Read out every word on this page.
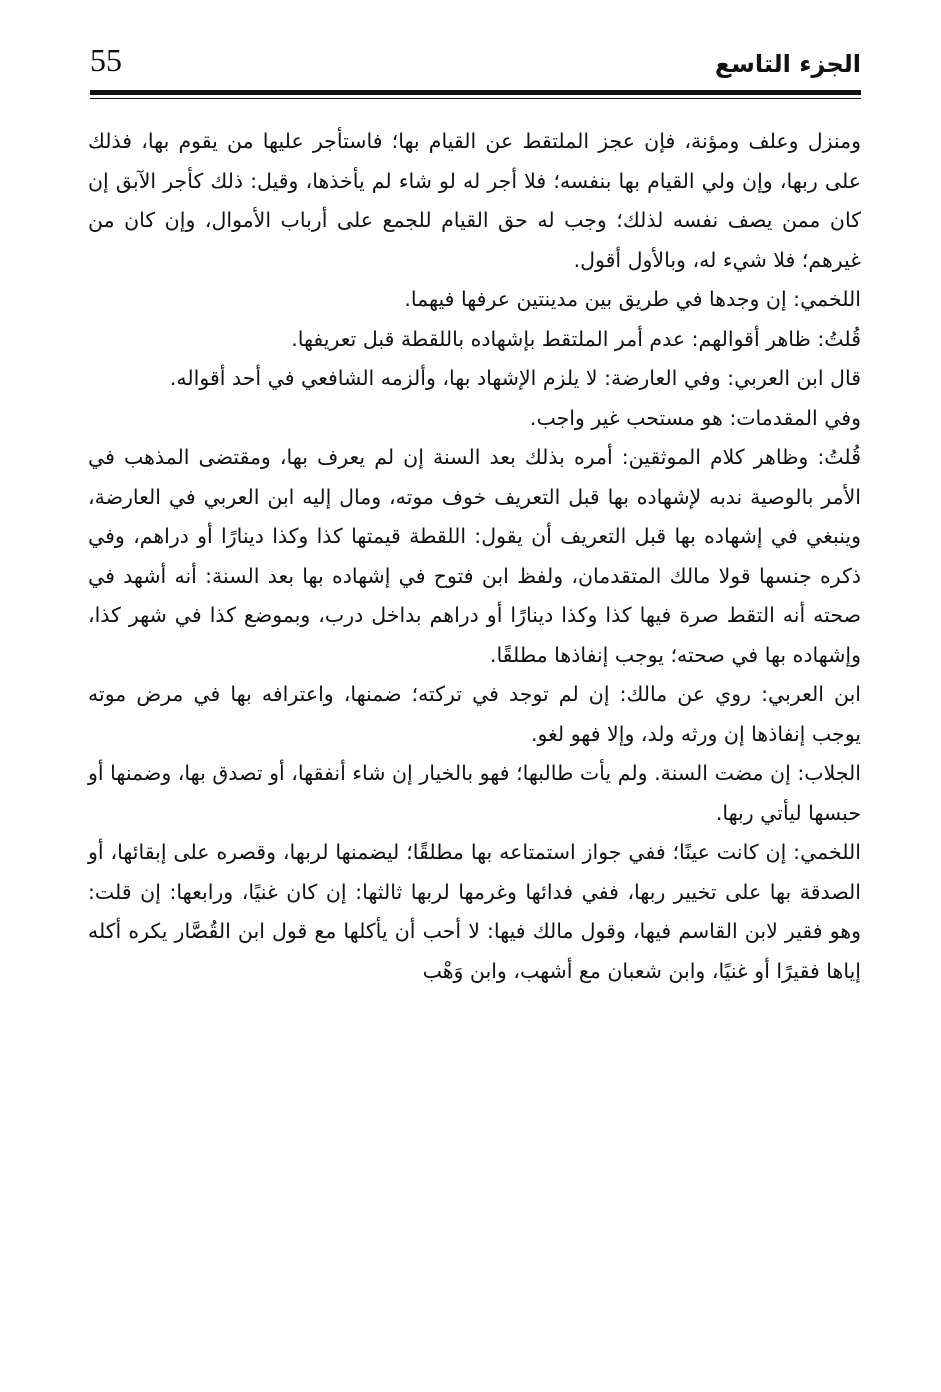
55	الجزء التاسع

ومنزل وعلف ومؤنة، فإن عجز الملتقط عن القيام بها؛ فاستأجر عليها من يقوم بها، فذلك على ربها، وإن ولي القيام بها بنفسه؛ فلا أجر له لو شاء لم يأخذها، وقيل: ذلك كأجر الآبق إن كان ممن يصف نفسه لذلك؛ وجب له حق القيام للجمع على أرباب الأموال، وإن كان من غيرهم؛ فلا شيء له، وبالأول أقول.

اللخمي: إن وجدها في طريق بين مدينتين عرفها فيهما.

قُلتُ: ظاهر أقوالهم: عدم أمر الملتقط بإشهاده باللقطة قبل تعريفها.

قال ابن العربي: وفي العارضة: لا يلزم الإشهاد بها، وألزمه الشافعي في أحد أقواله.

وفي المقدمات: هو مستحب غير واجب.

قُلتُ: وظاهر كلام الموثقين: أمره بذلك بعد السنة إن لم يعرف بها، ومقتضى المذهب في الأمر بالوصية ندبه لإشهاده بها قبل التعريف خوف موته، ومال إليه ابن العربي في العارضة، وينبغي في إشهاده بها قبل التعريف أن يقول: اللقطة قيمتها كذا وكذا دينارًا أو دراهم، وفي ذكره جنسها قولا مالك المتقدمان، ولفظ ابن فتوح في إشهاده بها بعد السنة: أنه أشهد في صحته أنه التقط صرة فيها كذا وكذا دينارًا أو دراهم بداخل درب، وبموضع كذا في شهر كذا، وإشهاده بها في صحته؛ يوجب إنفاذها مطلقًا.

ابن العربي: روي عن مالك: إن لم توجد في تركته؛ ضمنها، واعترافه بها في مرض موته يوجب إنفاذها إن ورثه ولد، وإلا فهو لغو.

الجلاب: إن مضت السنة. ولم يأت طالبها؛ فهو بالخيار إن شاء أنفقها، أو تصدق بها، وضمنها أو حبسها ليأتي ربها.

اللخمي: إن كانت عينًا؛ ففي جواز استمتاعه بها مطلقًا؛ ليضمنها لربها، وقصره على إبقائها، أو الصدقة بها على تخيير ربها، ففي فدائها وغرمها لربها ثالثها: إن كان غنيًا، ورابعها: إن قلت: وهو فقير لابن القاسم فيها، وقول مالك فيها: لا أحب أن يأكلها مع قول ابن القُصَّار يكره أكله إياها فقيرًا أو غنيًا، وابن شعبان مع أشهب، وابن وَهْب
